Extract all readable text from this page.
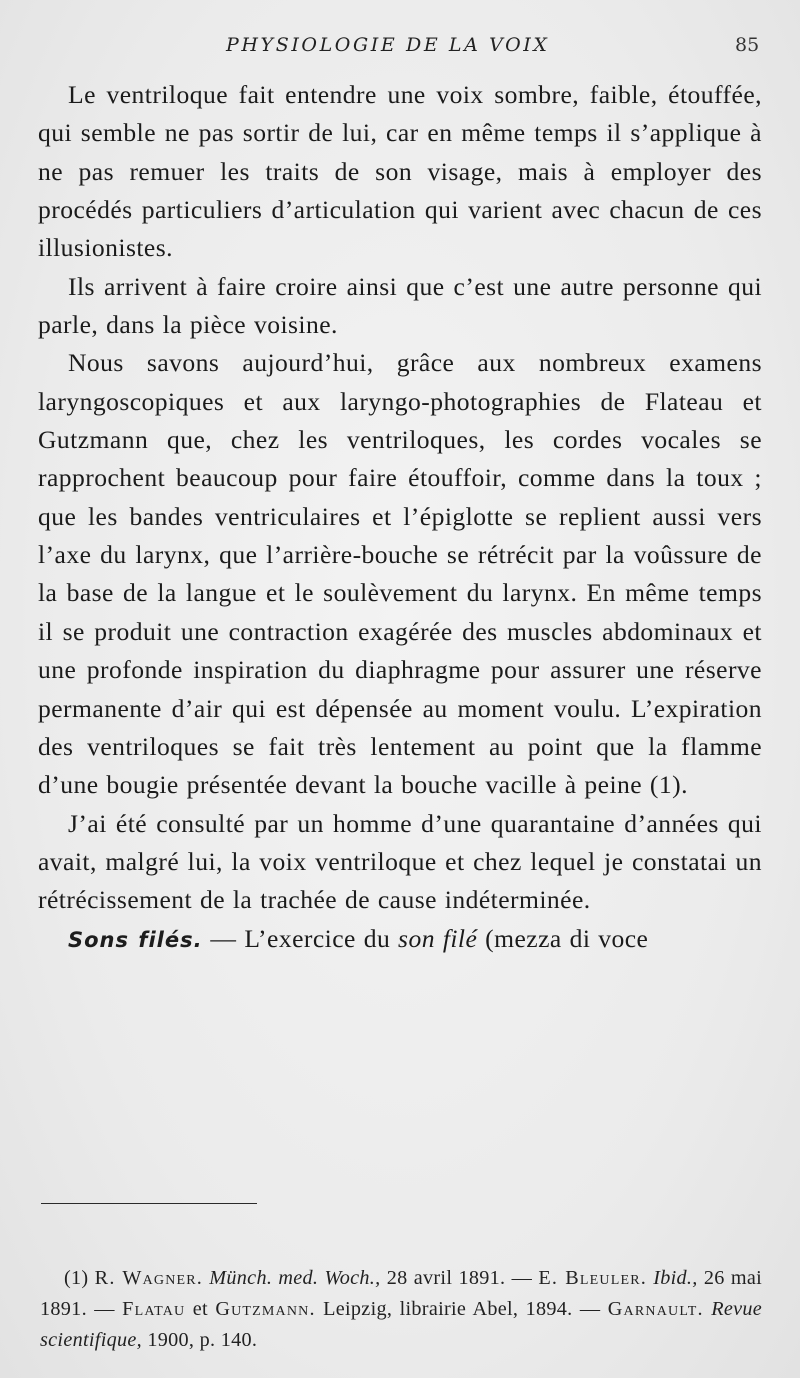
PHYSIOLOGIE DE LA VOIX	85

Le ventriloque fait entendre une voix sombre, faible, étouffée, qui semble ne pas sortir de lui, car en même temps il s’applique à ne pas remuer les traits de son visage, mais à employer des procédés particuliers d’articulation qui varient avec chacun de ces illusionistes.

Ils arrivent à faire croire ainsi que c’est une autre personne qui parle, dans la pièce voisine.

Nous savons aujourd’hui, grâce aux nombreux examens laryngoscopiques et aux laryngo-photographies de Flateau et Gutzmann que, chez les ventriloques, les cordes vocales se rapprochent beaucoup pour faire étouffoir, comme dans la toux ; que les bandes ventriculaires et l’épiglotte se replient aussi vers l’axe du larynx, que l’arrière-bouche se rétrécit par la voûssure de la base de la langue et le soulèvement du larynx. En même temps il se produit une contraction exagérée des muscles abdominaux et une profonde inspiration du diaphragme pour assurer une réserve permanente d’air qui est dépensée au moment voulu. L’expiration des ventriloques se fait très lentement au point que la flamme d’une bougie présentée devant la bouche vacille à peine (1).

J’ai été consulté par un homme d’une quarantaine d’années qui avait, malgré lui, la voix ventriloque et chez lequel je constatai un rétrécissement de la trachée de cause indéterminée.

Sons filés. — L’exercice du son filé (mezza di voce

(1) R. Wagner. Münch. med. Woch., 28 avril 1891. — E. Bleuler. Ibid., 26 mai 1891. — Flatau et Gutzmann. Leipzig, librairie Abel, 1894. — Garnault. Revue scientifique, 1900, p. 140.
